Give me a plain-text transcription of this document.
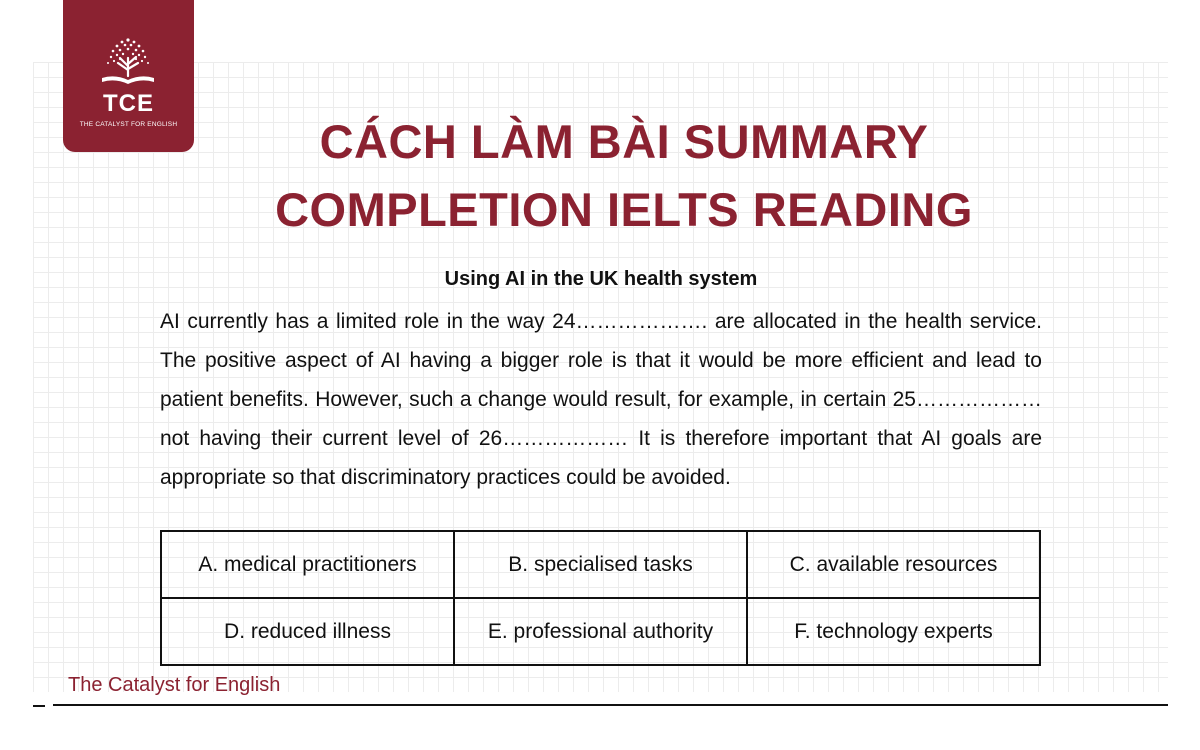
TCE
THE CATALYST FOR ENGLISH	CÁCH LÀM BÀI SUMMARY
COMPLETION IELTS READING
Using AI in the UK health system

AI currently has a limited role in the way 24………………. are allocated in the health service. The positive aspect of AI having a bigger role is that it would be more efficient and lead to patient benefits. However, such a change would result, for example, in certain 25……………… not having their current level of 26……………… It is therefore important that AI goals are appropriate so that discriminatory practices could be avoided.

A. medical practitioners	B. specialised tasks	C. available resources
D. reduced illness	E. professional authority	F. technology experts
The Catalyst for English
